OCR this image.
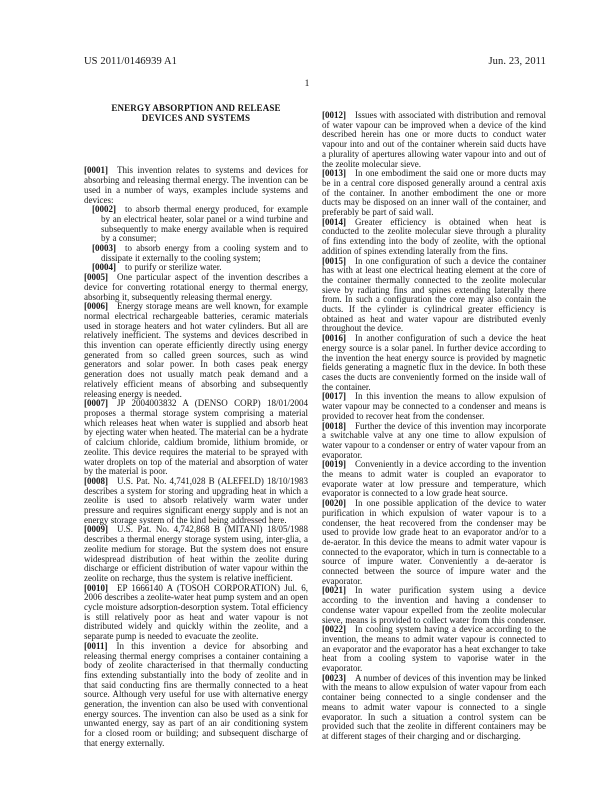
US 2011/0146939 A1	Jun. 23, 2011
1
ENERGY ABSORPTION AND RELEASE
DEVICES AND SYSTEMS

[0001] This invention relates to systems and devices for absorbing and releasing thermal energy. The invention can be used in a number of ways, examples include systems and devices:

[0002] to absorb thermal energy produced, for example by an electrical heater, solar panel or a wind turbine and subsequently to make energy available when is required by a consumer;

[0003] to absorb energy from a cooling system and to dissipate it externally to the cooling system;

[0004] to purify or sterilize water.

[0005] One particular aspect of the invention describes a device for converting rotational energy to thermal energy, absorbing it, subsequently releasing thermal energy.

[0006] Energy storage means are well known, for example normal electrical rechargeable batteries, ceramic materials used in storage heaters and hot water cylinders. But all are relatively inefficient. The systems and devices described in this invention can operate efficiently directly using energy generated from so called green sources, such as wind generators and solar power. In both cases peak energy generation does not usually match peak demand and a relatively efficient means of absorbing and subsequently releasing energy is needed.

[0007] JP 2004003832 A (DENSO CORP) 18/01/2004 proposes a thermal storage system comprising a material which releases heat when water is supplied and absorb heat by ejecting water when heated. The material can be a hydrate of calcium chloride, caldium bromide, lithium bromide, or zeolite. This device requires the material to be sprayed with water droplets on top of the material and absorption of water by the material is poor.

[0008] U.S. Pat. No. 4,741,028 B (ALEFELD) 18/10/1983 describes a system for storing and upgrading heat in which a zeolite is used to absorb relatively warm water under pressure and requires significant energy supply and is not an energy storage system of the kind being addressed here.

[0009] U.S. Pat. No. 4,742,868 B (MITANI) 18/05/1988 describes a thermal energy storage system using, inter-glia, a zeolite medium for storage. But the system does not ensure widespread distribution of heat within the zeolite during discharge or efficient distribution of water vapour within the zeolite on recharge, thus the system is relative inefficient.

[0010] EP 1666140 A (TOSOH CORPORATION) Jul. 6, 2006 describes a zeolite-water heat pump system and an open cycle moisture adsorption-desorption system. Total efficiency is still relatively poor as heat and water vapour is not distributed widely and quickly within the zeolite, and a separate pump is needed to evacuate the zeolite.

[0011] In this invention a device for absorbing and releasing thermal energy comprises a container containing a body of zeolite characterised in that thermally conducting fins extending substantially into the body of zeolite and in that said conducting fins are thermally connected to a heat source. Although very useful for use with alternative energy generation, the invention can also be used with conventional energy sources. The invention can also be used as a sink for unwanted energy, say as part of an air conditioning system for a closed room or building; and subsequent discharge of that energy externally.

[0012] Issues with associated with distribution and removal of water vapour can be improved when a device of the kind described herein has one or more ducts to conduct water vapour into and out of the container wherein said ducts have a plurality of apertures allowing water vapour into and out of the zeolite molecular sieve.

[0013] In one embodiment the said one or more ducts may be in a central core disposed generally around a central axis of the container. In another embodiment the one or more ducts may be disposed on an inner wall of the container, and preferably be part of said wall.

[0014] Greater efficiency is obtained when heat is conducted to the zeolite molecular sieve through a plurality of fins extending into the body of zeolite, with the optional addition of spines extending laterally from the fins.

[0015] In one configuration of such a device the container has with at least one electrical heating element at the core of the container thermally connected to the zeolite molecular sieve by radiating fins and spines extending laterally there from. In such a configuration the core may also contain the ducts. If the cylinder is cylindrical greater efficiency is obtained as heat and water vapour are distributed evenly throughout the device.

[0016] In another configuration of such a device the heat energy source is a solar panel. In further device according to the invention the heat energy source is provided by magnetic fields generating a magnetic flux in the device. In both these cases the ducts are conveniently formed on the inside wall of the container.

[0017] In this invention the means to allow expulsion of water vapour may be connected to a condenser and means is provided to recover heat from the condenser.

[0018] Further the device of this invention may incorporate a switchable valve at any one time to allow expulsion of water vapour to a condenser or entry of water vapour from an evaporator.

[0019] Conveniently in a device according to the invention the means to admit water is coupled an evaporator to evaporate water at low pressure and temperature, which evaporator is connected to a low grade heat source.

[0020] In one possible application of the device to water purification in which expulsion of water vapour is to a condenser, the heat recovered from the condenser may be used to provide low grade heat to an evaporator and/or to a de-aerator. In this device the means to admit water vapour is connected to the evaporator, which in turn is connectable to a source of impure water. Conveniently a de-aerator is connected between the source of impure water and the evaporator.

[0021] In water purification system using a device according to the invention and having a condenser to condense water vapour expelled from the zeolite molecular sieve, means is provided to collect water from this condenser.

[0022] In cooling system having a device according to the invention, the means to admit water vapour is connected to an evaporator and the evaporator has a heat exchanger to take heat from a cooling system to vaporise water in the evaporator.

[0023] A number of devices of this invention may be linked with the means to allow expulsion of water vapour from each container being connected to a single condenser and the means to admit water vapour is connected to a single evaporator. In such a situation a control system can be provided such that the zeolite in different containers may be at different stages of their charging and or discharging.
